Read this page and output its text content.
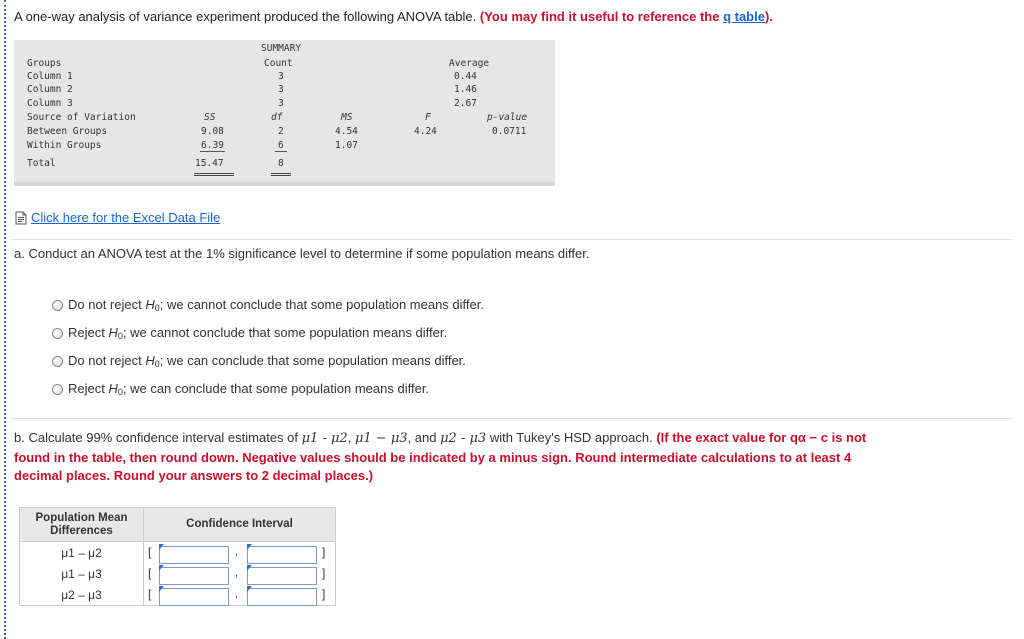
A one-way analysis of variance experiment produced the following ANOVA table. (You may find it useful to reference the q table).
SUMMARY
Groups	Count	Average
Column 1	3	0.44
Column 2	3	1.46
Column 3	3	2.67
Source of Variation	SS	df	MS	F	p-value
Between Groups	9.08	2	4.54	4.24	0.0711
Within Groups	6.39	6	1.07
Total	15.47	8
Click here for the Excel Data File
a. Conduct an ANOVA test at the 1% significance level to determine if some population means differ.
Do not reject $H_0$; we cannot conclude that some population means differ.
Reject $H_0$; we cannot conclude that some population means differ.
Do not reject $H_0$; we can conclude that some population means differ.
Reject $H_0$; we can conclude that some population means differ.
b. Calculate 99% confidence interval estimates of μ1 - μ2, μ1 − μ3, and μ2 - μ3 with Tukey's HSD approach. (If the exact value for qα − c is not found in the table, then round down. Negative values should be indicated by a minus sign. Round intermediate calculations to at least 4 decimal places. Round your answers to 2 decimal places.)
Population Mean Differences	Confidence Interval
μ1 – μ2	[ , ]

μ1 – μ3	[ , ]

μ2 – μ3	[ , ]
